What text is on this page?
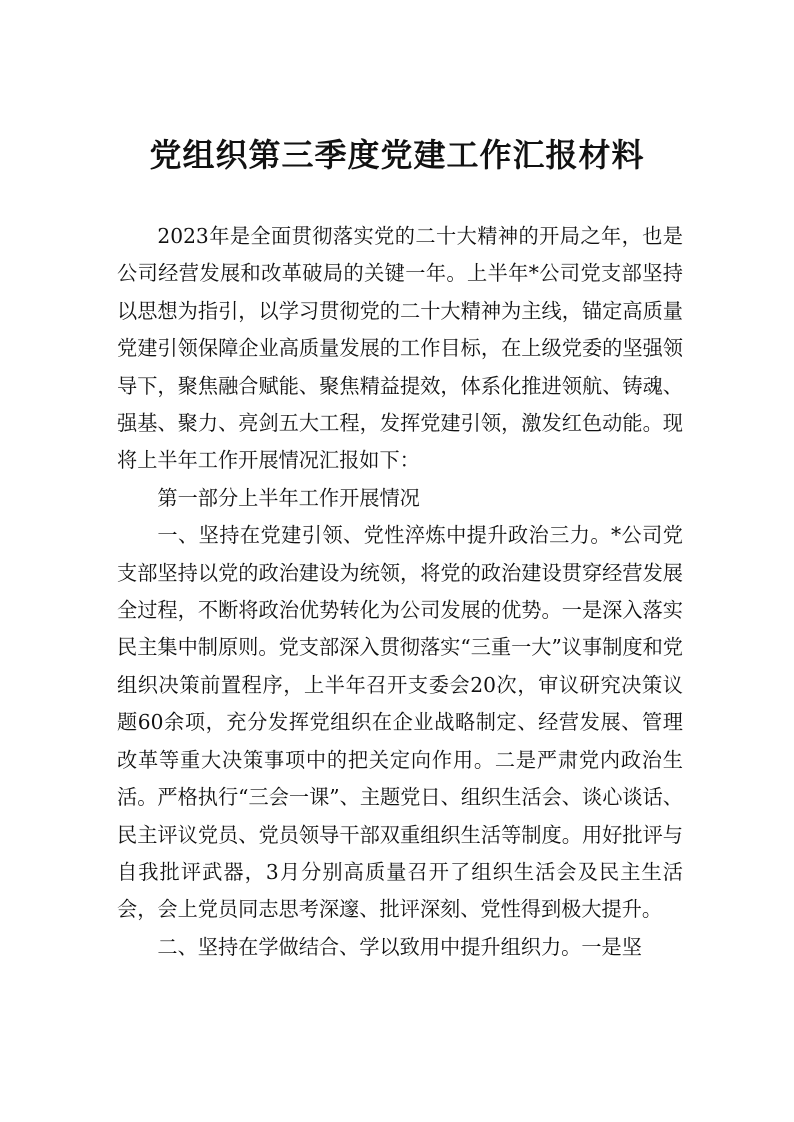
党组织第三季度党建工作汇报材料

2023年是全面贯彻落实党的二十大精神的开局之年，也是公司经营发展和改革破局的关键一年。上半年*公司党支部坚持以思想为指引，以学习贯彻党的二十大精神为主线，锚定高质量党建引领保障企业高质量发展的工作目标，在上级党委的坚强领导下，聚焦融合赋能、聚焦精益提效，体系化推进领航、铸魂、强基、聚力、亮剑五大工程，发挥党建引领，激发红色动能。现将上半年工作开展情况汇报如下：

第一部分上半年工作开展情况

一、坚持在党建引领、党性淬炼中提升政治三力。*公司党支部坚持以党的政治建设为统领，将党的政治建设贯穿经营发展全过程，不断将政治优势转化为公司发展的优势。一是深入落实民主集中制原则。党支部深入贯彻落实“三重一大”议事制度和党组织决策前置程序，上半年召开支委会20次，审议研究决策议题60余项，充分发挥党组织在企业战略制定、经营发展、管理改革等重大决策事项中的把关定向作用。二是严肃党内政治生活。严格执行“三会一课”、主题党日、组织生活会、谈心谈话、民主评议党员、党员领导干部双重组织生活等制度。用好批评与自我批评武器，3月分别高质量召开了组织生活会及民主生活会，会上党员同志思考深邃、批评深刻、党性得到极大提升。

二、坚持在学做结合、学以致用中提升组织力。一是坚
